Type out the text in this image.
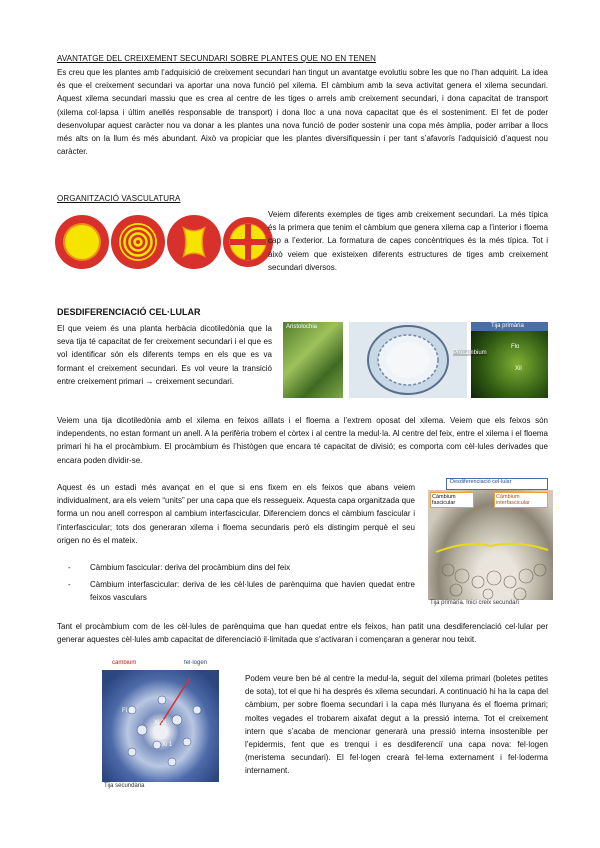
AVANTATGE DEL CREIXEMENT SECUNDARI SOBRE PLANTES QUE NO EN TENEN
Es creu que les plantes amb l’adquisició de creixement secundari han tingut un avantatge evolutiu sobre les que no l’han adquirit. La idea és que el creixement secundari va aportar una nova funció pel xilema. El càmbium amb la seva activitat genera el xilema secundari. Aquest xilema secundari massiu que es crea al centre de les tiges o arrels amb creixement secundari, i dona capacitat de transport (xilema col·lapsa i últim anellés responsable de transport) i dona lloc a una nova capacitat que és el sosteniment. El fet de poder desenvolupar aquest caràcter nou va donar a les plantes una nova funció de poder sostenir una copa més àmplia, poder arribar a llocs més alts on la llum és més abundant. Això va propiciar que les plantes diversifiquessin i per tant s’afavorís l’adquisició d’aquest nou caràcter.
ORGANITZACIÓ VASCULATURA
Veiem diferents exemples de tiges amb creixement secundari. La més típica és la primera que tenim el càmbium que genera xilema cap a l’interior i floema cap a l’exterior. La formatura de capes concèntriques és la més típica. Tot i això veiem que existeixen diferents estructures de tiges amb creixement secundari diversos.
DESDIFERENCIACIÓ CEL·LULAR
El que veiem és una planta herbàcia dicotiledònia que la seva tija té capacitat de fer creixement secundari i el que es vol identificar són els diferents temps en els que es va formant el creixement secundari. Es vol veure la transició entre creixement primari → creixement secundari.
Aristolochia	Tija primària
Procàmbium
Flo
Xil
Veiem una tija dicotiledònia amb el xilema en feixos aïllats i el floema a l’extrem oposat del xilema. Veiem que els feixos són independents, no estan formant un anell. A la perifèria trobem el còrtex i al centre la medul·la. Al centre del feix, entre el xilema i el floema primari hi ha el procàmbium. El procàmbium és l’histògen que encara té capacitat de divisió; es comporta com cèl·lules derivades que encara poden dividir-se.
Aquest és un estadi més avançat en el que si ens fixem en els feixos que abans veiem individualment, ara els veiem “units” per una capa que els ressegueix. Aquesta capa organitzada que forma un nou anell correspon al cambium interfascicular. Diferenciem doncs el càmbium fascicular i l’interfascicular; tots dos generaran xilema i floema secundaris però els distingim perquè el seu origen no és el mateix.
-	Càmbium fascicular: deriva del procàmbium dins del feix
-	Càmbium interfascicular: deriva de les cèl·lules de parènquima que havien quedat entre feixos vasculars
Desdiferenciació cel·lular
Càmbium fascicular
Càmbium interfascicular
Tija primària. Inici creix secundari
Tant el procàmbium com de les cèl·lules de parènquima que han quedat entre els feixos, han patit una desdiferenciació cel·lular per generar aquestes cèl·lules amb capacitat de diferenciació il·limitada que s’activaran i començaran a generar nou teixit.
càmbium	fel·logen
Fl 2i
Xi 2i
Xi 1
Tija secundària
Podem veure ben bé al centre la medul·la, seguit del xilema primari (boletes petites de sota), tot el que hi ha després és xilema secundari. A continuació hi ha la capa del càmbium, per sobre floema secundari i la capa més llunyana és el floema primari; moltes vegades el trobarem aixafat degut a la pressió interna. Tot el creixement intern que s’acaba de mencionar generarà una pressió interna insostenible per l’epidermis, fent que es trenqui i es desdiferenciï una capa nova: fel·logen (meristema secundari). El fel·logen crearà fel·lema externament i fel·loderma internament.
